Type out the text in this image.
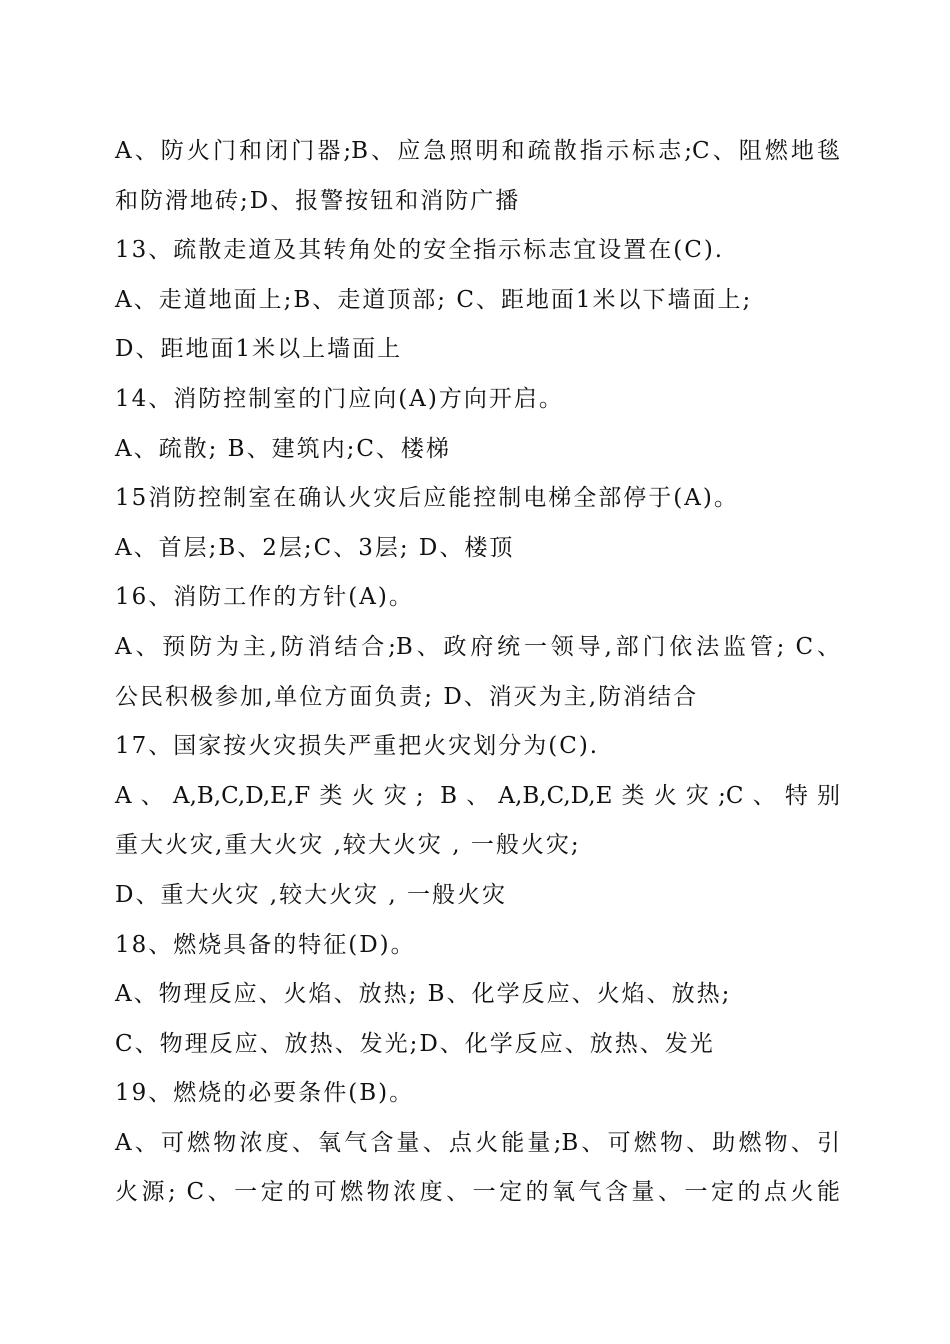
A、防火门和闭门器;B、应急照明和疏散指示标志;C、阻燃地毯
和防滑地砖;D、报警按钮和消防广播
13、疏散走道及其转角处的安全指示标志宜设置在(C).
A、走道地面上;B、走道顶部; C、距地面1米以下墙面上;
D、距地面1米以上墙面上
14、消防控制室的门应向(A)方向开启。
A、疏散; B、建筑内;C、楼梯
15消防控制室在确认火灾后应能控制电梯全部停于(A)。
A、首层;B、2层;C、3层; D、楼顶
16、消防工作的方针(A)。
A、预防为主,防消结合;B、政府统一领导,部门依法监管; C、
公民积极参加,单位方面负责; D、消灭为主,防消结合
17、国家按火灾损失严重把火灾划分为(C).
A、A,B,C,D,E,F类火灾; B、A,B,C,D,E类火灾;C、特别
重大火灾,重大火灾 ,较大火灾 , 一般火灾;
D、重大火灾 ,较大火灾 , 一般火灾
18、燃烧具备的特征(D)。
A、物理反应、火焰、放热; B、化学反应、火焰、放热;
C、物理反应、放热、发光;D、化学反应、放热、发光
19、燃烧的必要条件(B)。
A、可燃物浓度、氧气含量、点火能量;B、可燃物、助燃物、引
火源; C、一定的可燃物浓度、一定的氧气含量、一定的点火能
